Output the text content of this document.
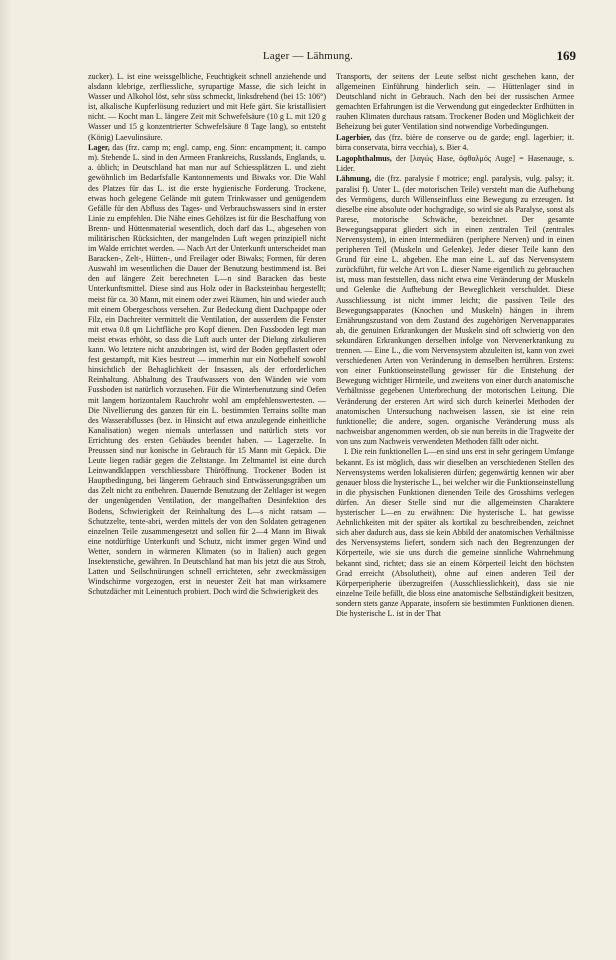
Lager — Lähmung.	169

zucker). L. ist eine weissgelbliche, Feuchtigkeit schnell anziehende und alsdann klebrige, zerfliessliche, syrupartige Masse, die sich leicht in Wasser und Alkohol löst, sehr süss schmeckt, linksdrehend (bei 15: 106°) ist, alkalische Kupferlösung reduziert und mit Hefe gärt. Sie kristallisiert nicht. — Kocht man L. längere Zeit mit Schwefelsäure (10 g L. mit 120 g Wasser und 15 g konzentrierter Schwefelsäure 8 Tage lang), so entsteht (König) Laevulinsäure.

Lager, das (frz. camp m; engl. camp, eng. Sinn: encampment; it. campo m). Stehende L. sind in den Armeen Frankreichs, Russlands, Englands, u. a. üblich; in Deutschland hat man nur auf Schiessplätzen L. und zieht gewöhnlich im Bedarfsfalle Kantonnements und Biwaks vor. Die Wahl des Platzes für das L. ist die erste hygienische Forderung. Trockene, etwas hoch gelegene Gelände mit gutem Trinkwasser und genügendem Gefälle für den Abfluss des Tages- und Verbrauchswassers sind in erster Linie zu empfehlen. Die Nähe eines Gehölzes ist für die Beschaffung von Brenn- und Hüttenmaterial wesentlich, doch darf das L., abgesehen von militärischen Rücksichten, der mangelnden Luft wegen prinzipiell nicht im Walde errichtet werden. — Nach Art der Unterkunft unterscheidet man Baracken-, Zelt-, Hütten-, und Freilager oder Biwaks; Formen, für deren Auswahl im wesentlichen die Dauer der Benutzung bestimmend ist. Bei den auf längere Zeit berechneten L—n sind Baracken das beste Unterkunftsmittel. Diese sind aus Holz oder in Backsteinbau hergestellt; meist für ca. 30 Mann, mit einem oder zwei Räumen, hin und wieder auch mit einem Obergeschoss versehen. Zur Bedeckung dient Dachpappe oder Filz, ein Dachreiter vermittelt die Ventilation, der ausserdem die Fenster mit etwa 0.8 qm Lichtfläche pro Kopf dienen. Den Fussboden legt man meist etwas erhöht, so dass die Luft auch unter der Dielung zirkulieren kann. Wo letztere nicht anzubringen ist, wird der Boden gepflastert oder fest gestampft, mit Kies bestreut — immerhin nur ein Notbehelf sowohl hinsichtlich der Behaglichkeit der Insassen, als der erforderlichen Reinhaltung. Abhaltung des Traufwassers von den Wänden wie vom Fussboden ist natürlich vorzusehen. Für die Winterbenutzung sind Oefen mit langem horizontalem Rauchrohr wohl am empfehlenswertesten. — Die Nivellierung des ganzen für ein L. bestimmten Terrains sollte man des Wasserabflusses (bez. in Hinsicht auf etwa anzulegende einheitliche Kanalisation) wegen niemals unterlassen und natürlich stets vor Errichtung des ersten Gebäudes beendet haben. — Lagerzelte. In Preussen sind nur konische in Gebrauch für 15 Mann mit Gepäck. Die Leute liegen radiär gegen die Zeltstange. Im Zeltmantel ist eine durch Leinwandklappen verschliessbare Thüröffnung. Trockener Boden ist Hauptbedingung, bei längerem Gebrauch sind Entwässerungsgräben um das Zelt nicht zu entbehren. Dauernde Benutzung der Zeltlager ist wegen der ungenügenden Ventilation, der mangelhaften Desinfektion des Bodens, Schwierigkeit der Reinhaltung des L—s nicht ratsam — Schutzzelte, tente-abri, werden mittels der von den Soldaten getragenen einzelnen Teile zusammengesetzt und sollen für 2—4 Mann im Biwak eine notdürftige Unterkunft und Schutz, nicht immer gegen Wind und Wetter, sondern in wärmeren Klimaten (so in Italien) auch gegen Insektenstiche, gewähren. In Deutschland hat man bis jetzt die aus Stroh, Latten und Seilschnürungen schnell errichteten, sehr zweckmässigen Windschirme vorgezogen, erst in neuester Zeit hat man wirksamere Schutzdächer mit Leinentuch probiert. Doch wird die Schwierigkeit des

Transports, der seitens der Leute selbst nicht geschehen kann, der allgemeinen Einführung hinderlich sein. — Hüttenlager sind in Deutschland nicht in Gebrauch. Nach den bei der russischen Armee gemachten Erfahrungen ist die Verwendung gut eingedeckter Erdhütten in rauhen Klimaten durchaus ratsam. Trockener Boden und Möglichkeit der Beheizung bei guter Ventilation sind notwendige Vorbedingungen.

Lagerbier, das (frz. bière de conserve ou de garde; engl. lagerbier; it. birra conservata, birra vecchia), s. Bier 4.

Lagophthalmus, der [λαγώς Hase, ὀφθαλμός Auge] = Hasenauge, s. Lider.

Lähmung, die (frz. paralysie f motrice; engl. paralysis, vulg. palsy; it. paralisi f). Unter L. (der motorischen Teile) versteht man die Aufhebung des Vermögens, durch Willenseinfluss eine Bewegung zu erzeugen. Ist dieselbe eine absolute oder hochgradige, so wird sie als Paralyse, sonst als Parese, motorische Schwäche, bezeichnet. Der gesamte Bewegungsapparat gliedert sich in einen zentralen Teil (zentrales Nervensystem), in einen intermediären (periphere Nerven) und in einen peripheren Teil (Muskeln und Gelenke). Jeder dieser Teile kann den Grund für eine L. abgeben. Ehe man eine L. auf das Nervensystem zurückführt, für welche Art von L. dieser Name eigentlich zu gebrauchen ist, muss man feststellen, dass nicht etwa eine Veränderung der Muskeln und Gelenke die Aufhebung der Beweglichkeit verschuldet. Diese Ausschliessung ist nicht immer leicht; die passiven Teile des Bewegungsapparates (Knochen und Muskeln) hängen in ihrem Ernährungszustand von dem Zustand des zugehörigen Nervenapparates ab, die genuinen Erkrankungen der Muskeln sind oft schwierig von den sekundären Erkrankungen derselben infolge von Nervenerkrankung zu trennen. — Eine L., die vom Nervensystem abzuleiten ist, kann von zwei verschiedenen Arten von Veränderung in demselben herrühren. Erstens: von einer Funktionseinstellung gewisser für die Entstehung der Bewegung wichtiger Hirnteile, und zweitens von einer durch anatomische Verhältnisse gegebenen Unterbrechung der motorischen Leitung. Die Veränderung der ersteren Art wird sich durch keinerlei Methoden der anatomischen Untersuchung nachweisen lassen, sie ist eine rein funktionelle; die andere, sogen. organische Veränderung muss als nachweisbar angenommen werden, ob sie nun bereits in die Tragweite der von uns zum Nachweis verwendeten Methoden fällt oder nicht.

I. Die rein funktionellen L—en sind uns erst in sehr geringem Umfange bekannt. Es ist möglich, dass wir dieselben an verschiedenen Stellen des Nervensystems werden lokalisieren dürfen; gegenwärtig kennen wir aber genauer bloss die hysterische L., bei welcher wir die Funktionseinstellung in die physischen Funktionen dienenden Teile des Grosshirns verlegen dürfen. An dieser Stelle sind nur die allgemeinsten Charaktere hysterischer L—en zu erwähnen: Die hysterische L. hat gewisse Aehnlichkeiten mit der später als kortikal zu beschreibenden, zeichnet sich aber dadurch aus, dass sie kein Abbild der anatomischen Verhältnisse des Nervensystems liefert, sondern sich nach den Begrenzungen der Körperteile, wie sie uns durch die gemeine sinnliche Wahrnehmung bekannt sind, richtet; dass sie an einem Körperteil leicht den höchsten Grad erreicht (Absolutheit), ohne auf einen anderen Teil der Körperperipherie überzugreifen (Ausschliesslichkeit), dass sie nie einzelne Teile befällt, die bloss eine anatomische Selbständigkeit besitzen, sondern stets ganze Apparate, insofern sie bestimmten Funktionen dienen. Die hysterische L. ist in der That
